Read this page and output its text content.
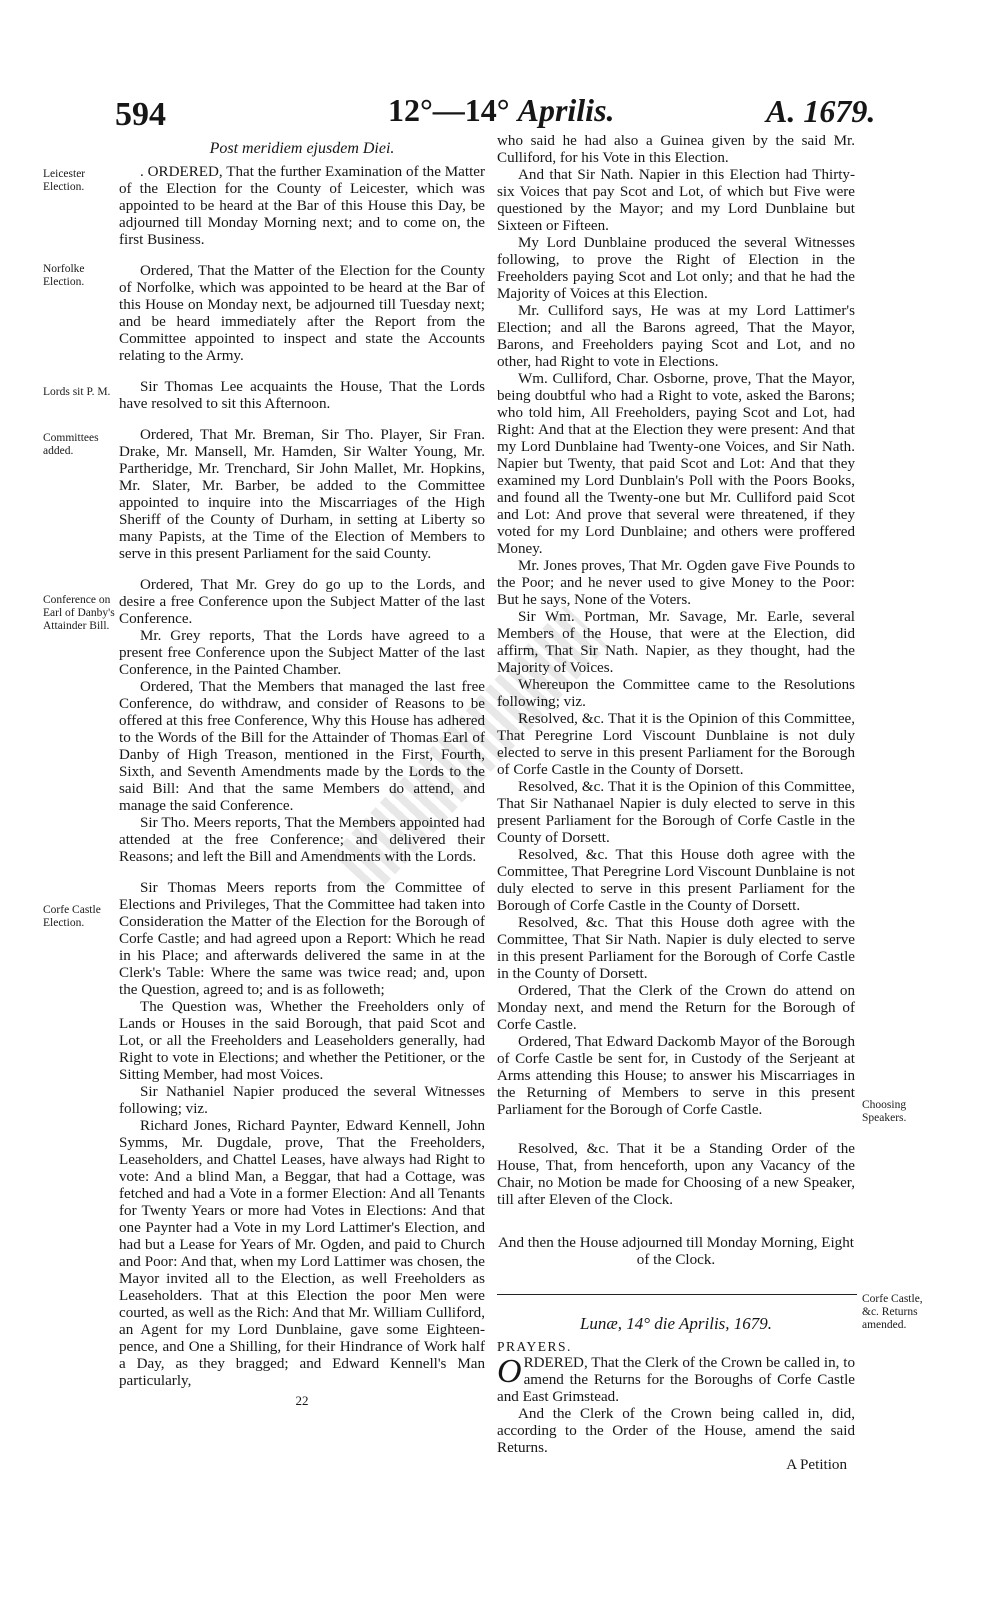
594	12°—14° Aprilis.	A. 1679.
Leicester Election.
Norfolke Election.
Lords sit P. M.
Committees added.
Conference on Earl of Danby's Attainder Bill.
Corfe Castle Election.
Choosing Speakers.
Corfe Castle, &c. Returns amended.

Post meridiem ejusdem Diei.

. ORDERED, That the further Examination of the Matter of the Election for the County of Leicester, which was appointed to be heard at the Bar of this House this Day, be adjourned till Monday Morning next; and to come on, the first Business.

Ordered, That the Matter of the Election for the County of Norfolke, which was appointed to be heard at the Bar of this House on Monday next, be adjourned till Tuesday next; and be heard immediately after the Report from the Committee appointed to inspect and state the Accounts relating to the Army.

Sir Thomas Lee acquaints the House, That the Lords have resolved to sit this Afternoon.

Ordered, That Mr. Breman, Sir Tho. Player, Sir Fran. Drake, Mr. Mansell, Mr. Hamden, Sir Walter Young, Mr. Partheridge, Mr. Trenchard, Sir John Mallet, Mr. Hopkins, Mr. Slater, Mr. Barber, be added to the Committee appointed to inquire into the Miscarriages of the High Sheriff of the County of Durham, in setting at Liberty so many Papists, at the Time of the Election of Members to serve in this present Parliament for the said County.

Ordered, That Mr. Grey do go up to the Lords, and desire a free Conference upon the Subject Matter of the last Conference.

Mr. Grey reports, That the Lords have agreed to a present free Conference upon the Subject Matter of the last Conference, in the Painted Chamber.

Ordered, That the Members that managed the last free Conference, do withdraw, and consider of Reasons to be offered at this free Conference, Why this House has adhered to the Words of the Bill for the Attainder of Thomas Earl of Danby of High Treason, mentioned in the First, Fourth, Sixth, and Seventh Amendments made by the Lords to the said Bill: And that the same Members do attend, and manage the said Conference.

Sir Tho. Meers reports, That the Members appointed had attended at the free Conference; and delivered their Reasons; and left the Bill and Amendments with the Lords.

Sir Thomas Meers reports from the Committee of Elections and Privileges, That the Committee had taken into Consideration the Matter of the Election for the Borough of Corfe Castle; and had agreed upon a Report: Which he read in his Place; and afterwards delivered the same in at the Clerk's Table: Where the same was twice read; and, upon the Question, agreed to; and is as followeth;

The Question was, Whether the Freeholders only of Lands or Houses in the said Borough, that paid Scot and Lot, or all the Freeholders and Leaseholders generally, had Right to vote in Elections; and whether the Petitioner, or the Sitting Member, had most Voices.

Sir Nathaniel Napier produced the several Witnesses following; viz.

Richard Jones, Richard Paynter, Edward Kennell, John Symms, Mr. Dugdale, prove, That the Freeholders, Leaseholders, and Chattel Leases, have always had Right to vote: And a blind Man, a Beggar, that had a Cottage, was fetched and had a Vote in a former Election: And all Tenants for Twenty Years or more had Votes in Elections: And that one Paynter had a Vote in my Lord Lattimer's Election, and had but a Lease for Years of Mr. Ogden, and paid to Church and Poor: And that, when my Lord Lattimer was chosen, the Mayor invited all to the Election, as well Freeholders as Leaseholders. That at this Election the poor Men were courted, as well as the Rich: And that Mr. William Culliford, an Agent for my Lord Dunblaine, gave some Eighteen-pence, and One a Shilling, for their Hindrance of Work half a Day, as they bragged; and Edward Kennell's Man particularly,

22

who said he had also a Guinea given by the said Mr. Culliford, for his Vote in this Election.

And that Sir Nath. Napier in this Election had Thirty-six Voices that pay Scot and Lot, of which but Five were questioned by the Mayor; and my Lord Dunblaine but Sixteen or Fifteen.

My Lord Dunblaine produced the several Witnesses following, to prove the Right of Election in the Freeholders paying Scot and Lot only; and that he had the Majority of Voices at this Election.

Mr. Culliford says, He was at my Lord Lattimer's Election; and all the Barons agreed, That the Mayor, Barons, and Freeholders paying Scot and Lot, and no other, had Right to vote in Elections.

Wm. Culliford, Char. Osborne, prove, That the Mayor, being doubtful who had a Right to vote, asked the Barons; who told him, All Freeholders, paying Scot and Lot, had Right: And that at the Election they were present: And that my Lord Dunblaine had Twenty-one Voices, and Sir Nath. Napier but Twenty, that paid Scot and Lot: And that they examined my Lord Dunblain's Poll with the Poors Books, and found all the Twenty-one but Mr. Culliford paid Scot and Lot: And prove that several were threatened, if they voted for my Lord Dunblaine; and others were proffered Money.

Mr. Jones proves, That Mr. Ogden gave Five Pounds to the Poor; and he never used to give Money to the Poor: But he says, None of the Voters.

Sir Wm. Portman, Mr. Savage, Mr. Earle, several Members of the House, that were at the Election, did affirm, That Sir Nath. Napier, as they thought, had the Majority of Voices.

Whereupon the Committee came to the Resolutions following; viz.

Resolved, &c. That it is the Opinion of this Committee, That Peregrine Lord Viscount Dunblaine is not duly elected to serve in this present Parliament for the Borough of Corfe Castle in the County of Dorsett.

Resolved, &c. That it is the Opinion of this Committee, That Sir Nathanael Napier is duly elected to serve in this present Parliament for the Borough of Corfe Castle in the County of Dorsett.

Resolved, &c. That this House doth agree with the Committee, That Peregrine Lord Viscount Dunblaine is not duly elected to serve in this present Parliament for the Borough of Corfe Castle in the County of Dorsett.

Resolved, &c. That this House doth agree with the Committee, That Sir Nath. Napier is duly elected to serve in this present Parliament for the Borough of Corfe Castle in the County of Dorsett.

Ordered, That the Clerk of the Crown do attend on Monday next, and mend the Return for the Borough of Corfe Castle.

Ordered, That Edward Dackomb Mayor of the Borough of Corfe Castle be sent for, in Custody of the Serjeant at Arms attending this House; to answer his Miscarriages in the Returning of Members to serve in this present Parliament for the Borough of Corfe Castle.

Resolved, &c. That it be a Standing Order of the House, That, from henceforth, upon any Vacancy of the Chair, no Motion be made for Choosing of a new Speaker, till after Eleven of the Clock.

And then the House adjourned till Monday Morning, Eight of the Clock.

Lunæ, 14° die Aprilis, 1679.

PRAYERS.

ORDERED, That the Clerk of the Crown be called in, to amend the Returns for the Boroughs of Corfe Castle and East Grimstead.

And the Clerk of the Crown being called in, did, according to the Order of the House, amend the said Returns.

A Petition
